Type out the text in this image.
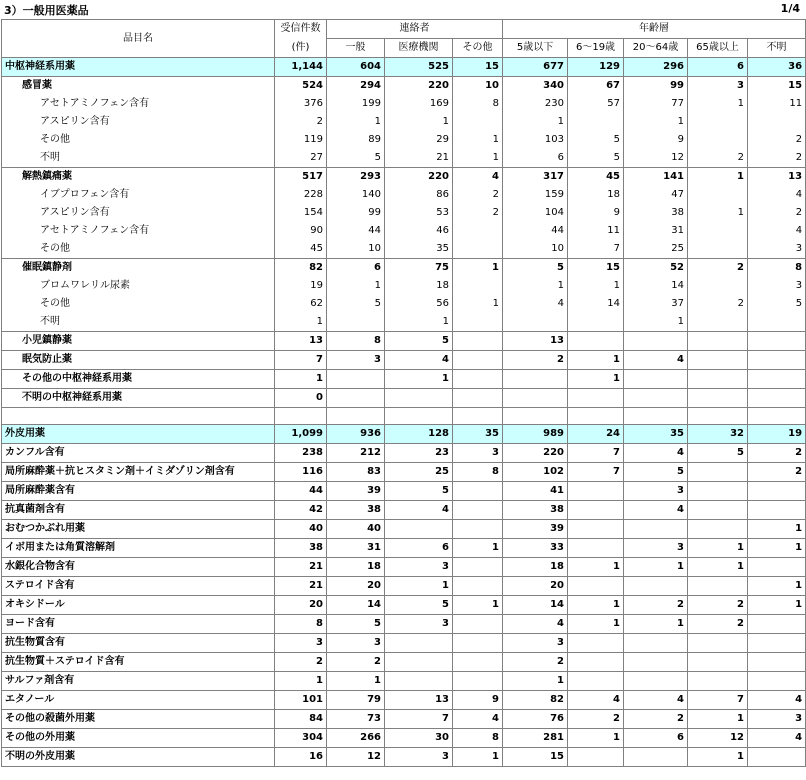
3）一般用医薬品	1/4
品目名	受信件数	連絡者			年齢層				
	(件)	一般	医療機関	その他	5歳以下	6～19歳	20～64歳	65歳以上	不明
中枢神経系用薬	1,144	604	525	15	677	129	296	6	36
感冒薬	524	294	220	10	340	67	99	3	15
アセトアミノフェン含有	376	199	169	8	230	57	77	1	11
アスピリン含有	2	1	1		1		1		
その他	119	89	29	1	103	5	9		2
不明	27	5	21	1	6	5	12	2	2
解熱鎮痛薬	517	293	220	4	317	45	141	1	13
イブプロフェン含有	228	140	86	2	159	18	47		4
アスピリン含有	154	99	53	2	104	9	38	1	2
アセトアミノフェン含有	90	44	46		44	11	31		4
その他	45	10	35		10	7	25		3
催眠鎮静剤	82	6	75	1	5	15	52	2	8
ブロムワレリル尿素	19	1	18		1	1	14		3
その他	62	5	56	1	4	14	37	2	5
不明	1		1				1		
小児鎮静薬	13	8	5		13				
眠気防止薬	7	3	4		2	1	4		
その他の中枢神経系用薬	1		1			1			
不明の中枢神経系用薬	0								

外皮用薬	1,099	936	128	35	989	24	35	32	19
カンフル含有	238	212	23	3	220	7	4	5	2
局所麻酔薬＋抗ヒスタミン剤＋イミダゾリン剤含有	116	83	25	8	102	7	5		2
局所麻酔薬含有	44	39	5		41		3		
抗真菌剤含有	42	38	4		38		4		
おむつかぶれ用薬	40	40			39				1
イボ用または角質溶解剤	38	31	6	1	33		3	1	1
水銀化合物含有	21	18	3		18	1	1	1	
ステロイド含有	21	20	1		20				1
オキシドール	20	14	5	1	14	1	2	2	1
ヨード含有	8	5	3		4	1	1	2	
抗生物質含有	3	3			3				
抗生物質＋ステロイド含有	2	2			2				
サルファ剤含有	1	1			1				
エタノール	101	79	13	9	82	4	4	7	4
その他の殺菌外用薬	84	73	7	4	76	2	2	1	3
その他の外用薬	304	266	30	8	281	1	6	12	4
不明の外皮用薬	16	12	3	1	15			1	
